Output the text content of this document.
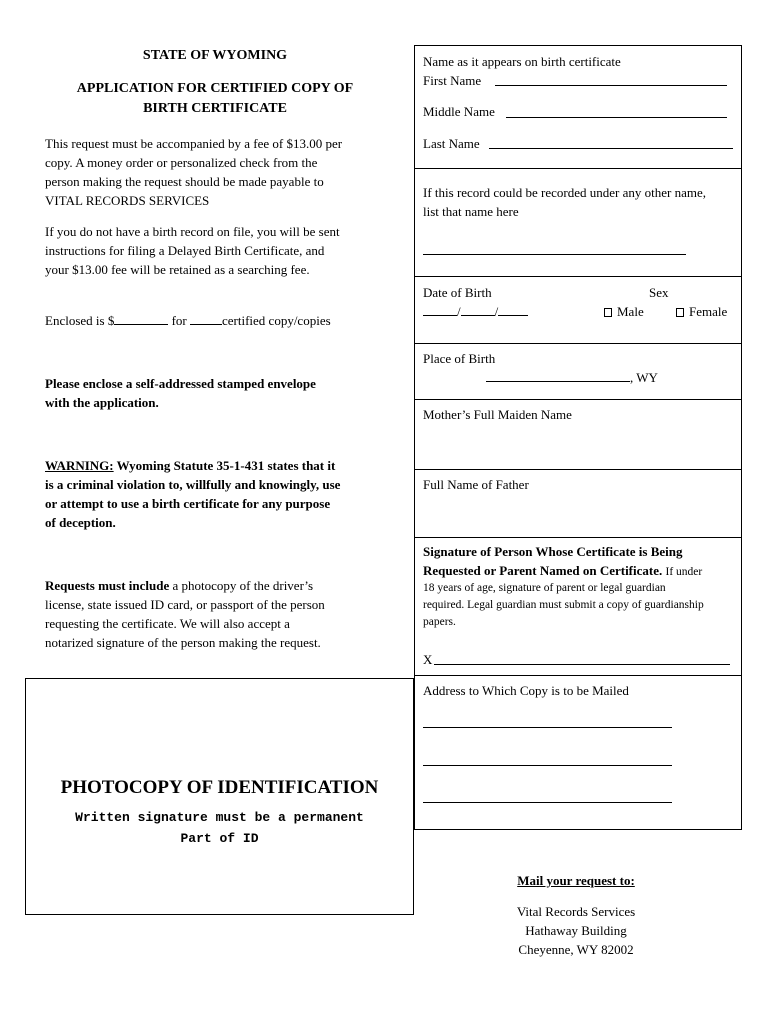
STATE OF WYOMING
APPLICATION FOR CERTIFIED COPY OF
BIRTH CERTIFICATE
This request must be accompanied by a fee of $13.00 per
copy. A money order or personalized check from the
person making the request should be made payable to
VITAL RECORDS SERVICES
If you do not have a birth record on file, you will be sent
instructions for filing a Delayed Birth Certificate, and
your $13.00 fee will be retained as a searching fee.
Enclosed is $	for certified copy/copies
Please enclose a self-addressed stamped envelope
with the application.
WARNING: Wyoming Statute 35-1-431 states that it
is a criminal violation to, willfully and knowingly, use
or attempt to use a birth certificate for any purpose
of deception.
Requests must include a photocopy of the driver’s
license, state issued ID card, or passport of the person
requesting the certificate. We will also accept a
notarized signature of the person making the request.
PHOTOCOPY OF IDENTIFICATION
Written signature must be a permanent
Part of ID
Name as it appears on birth certificate
First Name
Middle Name
Last Name
If this record could be recorded under any other name,
list that name here
Date of Birth	Sex
/	/	Male	Female
Place of Birth
, WY
Mother’s Full Maiden Name
Full Name of Father
Signature of Person Whose Certificate is Being
Requested or Parent Named on Certificate. If under
18 years of age, signature of parent or legal guardian
required. Legal guardian must submit a copy of guardianship
papers.
X
Address to Which Copy is to be Mailed
Mail your request to:
Vital Records Services
Hathaway Building
Cheyenne, WY 82002
